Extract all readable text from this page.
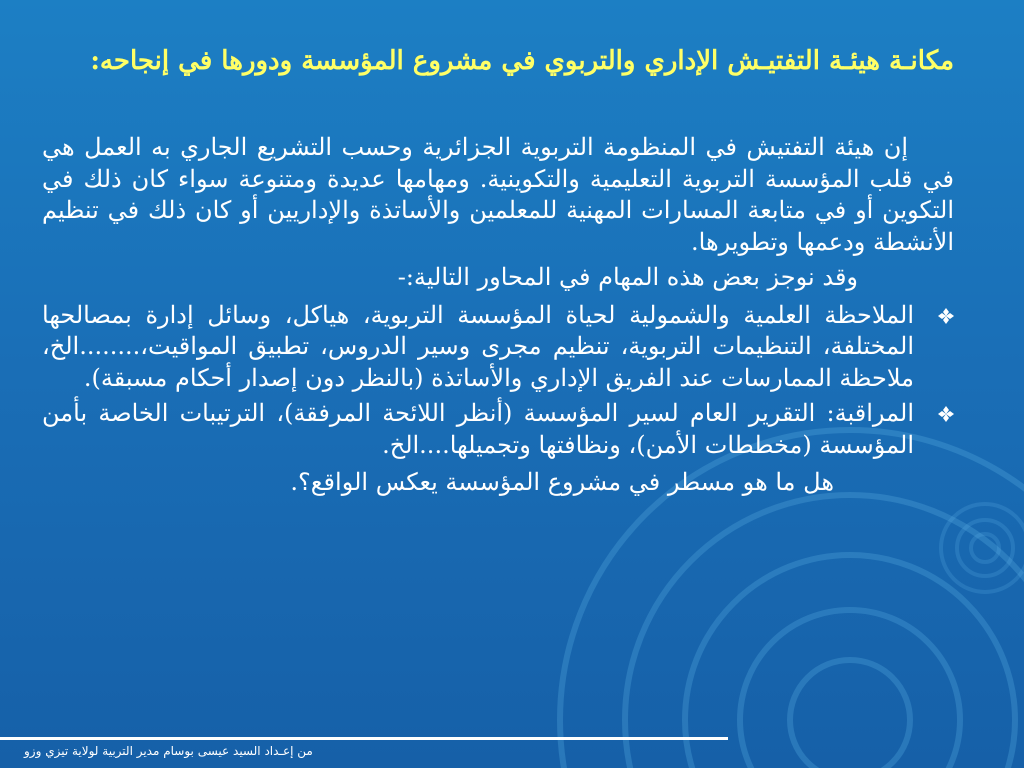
مكانـة هيئـة التفتيـش الإداري والتربوي في مشروع المؤسسة ودورها في إنجاحه:

إن هيئة التفتيش في المنظومة التربوية الجزائرية وحسب التشريع الجاري به العمل هي في قلب المؤسسة التربوية التعليمية والتكوينية. ومهامها عديدة ومتنوعة سواء كان ذلك في التكوين أو في متابعة المسارات المهنية للمعلمين والأساتذة والإداريين أو كان ذلك في تنظيم الأنشطة ودعمها وتطويرها.

وقد نوجز بعض هذه المهام في المحاور التالية:-

الملاحظة العلمية والشمولية لحياة المؤسسة التربوية، هياكل، وسائل إدارة بمصالحها المختلفة، التنظيمات التربوية، تنظيم مجرى وسير الدروس، تطبيق المواقيت،........الخ، ملاحظة الممارسات عند الفريق الإداري والأساتذة (بالنظر دون إصدار أحكام مسبقة).
المراقبة: التقرير العام لسير المؤسسة (أنظر اللائحة المرفقة)، الترتيبات الخاصة بأمن المؤسسة (مخططات الأمن)، ونظافتها وتجميلها....الخ.

هل ما هو مسطر في مشروع المؤسسة يعكس الواقع؟.

من إعـداد السيد عيسى بوسام مدير التربية لولاية تيزي وزو
